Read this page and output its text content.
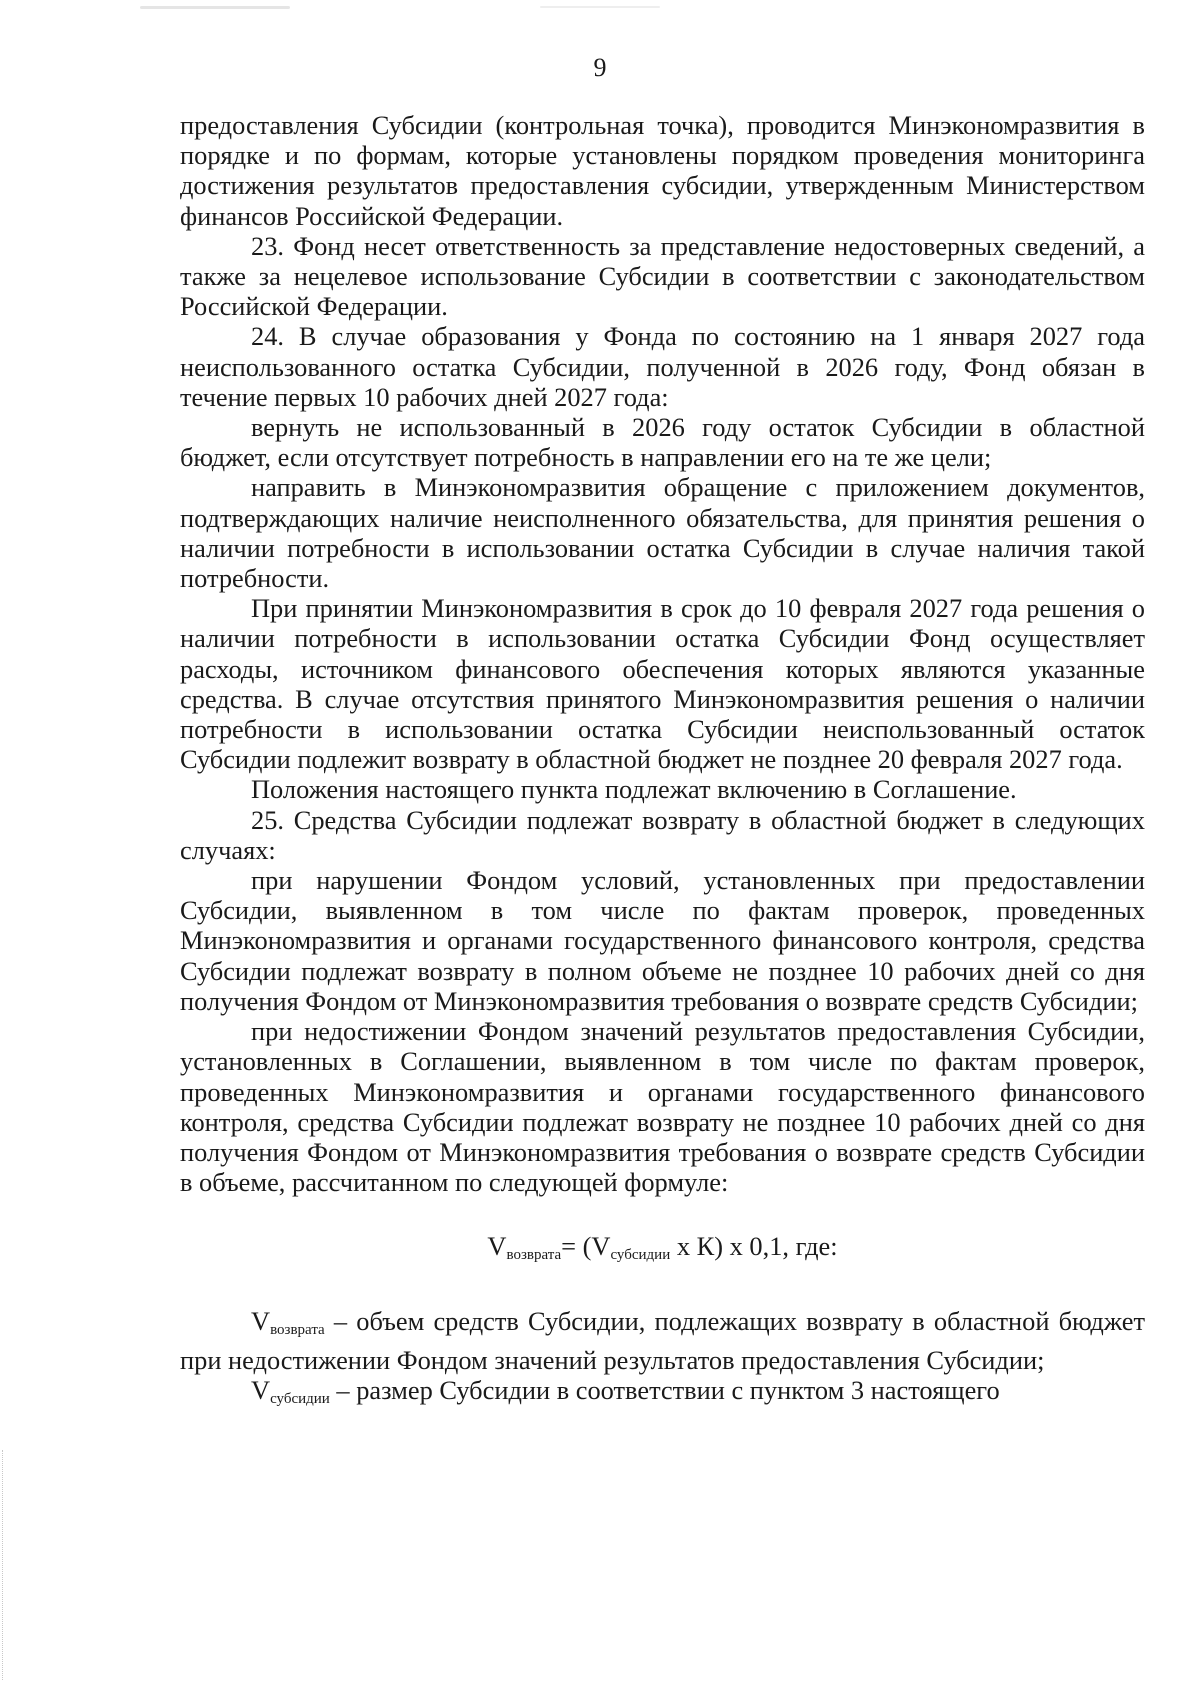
9

предоставления Субсидии (контрольная точка), проводится Минэкономразвития в порядке и по формам, которые установлены порядком проведения мониторинга достижения результатов предоставления субсидии, утвержденным Министерством финансов Российской Федерации.

23. Фонд несет ответственность за представление недостоверных сведений, а также за нецелевое использование Субсидии в соответствии с законодательством Российской Федерации.

24. В случае образования у Фонда по состоянию на 1 января 2027 года неиспользованного остатка Субсидии, полученной в 2026 году, Фонд обязан в течение первых 10 рабочих дней 2027 года:

вернуть не использованный в 2026 году остаток Субсидии в областной бюджет, если отсутствует потребность в направлении его на те же цели;

направить в Минэкономразвития обращение с приложением документов, подтверждающих наличие неисполненного обязательства, для принятия решения о наличии потребности в использовании остатка Субсидии в случае наличия такой потребности.

При принятии Минэкономразвития в срок до 10 февраля 2027 года решения о наличии потребности в использовании остатка Субсидии Фонд осуществляет расходы, источником финансового обеспечения которых являются указанные средства. В случае отсутствия принятого Минэкономразвития решения о наличии потребности в использовании остатка Субсидии неиспользованный остаток Субсидии подлежит возврату в областной бюджет не позднее 20 февраля 2027 года.

Положения настоящего пункта подлежат включению в Соглашение.

25. Средства Субсидии подлежат возврату в областной бюджет в следующих случаях:

при нарушении Фондом условий, установленных при предоставлении Субсидии, выявленном в том числе по фактам проверок, проведенных Минэкономразвития и органами государственного финансового контроля, средства Субсидии подлежат возврату в полном объеме не позднее 10 рабочих дней со дня получения Фондом от Минэкономразвития требования о возврате средств Субсидии;

при недостижении Фондом значений результатов предоставления Субсидии, установленных в Соглашении, выявленном в том числе по фактам проверок, проведенных Минэкономразвития и органами государственного финансового контроля, средства Субсидии подлежат возврату не позднее 10 рабочих дней со дня получения Фондом от Минэкономразвития требования о возврате средств Субсидии в объеме, рассчитанном по следующей формуле:

$V_{возврата}= (V_{субсидии}$ x К) x 0,1, где:

$V_{возврата}$ – объем средств Субсидии, подлежащих возврату в областной бюджет при недостижении Фондом значений результатов предоставления Субсидии;

$V_{субсидии}$ – размер Субсидии в соответствии с пунктом 3 настоящего
